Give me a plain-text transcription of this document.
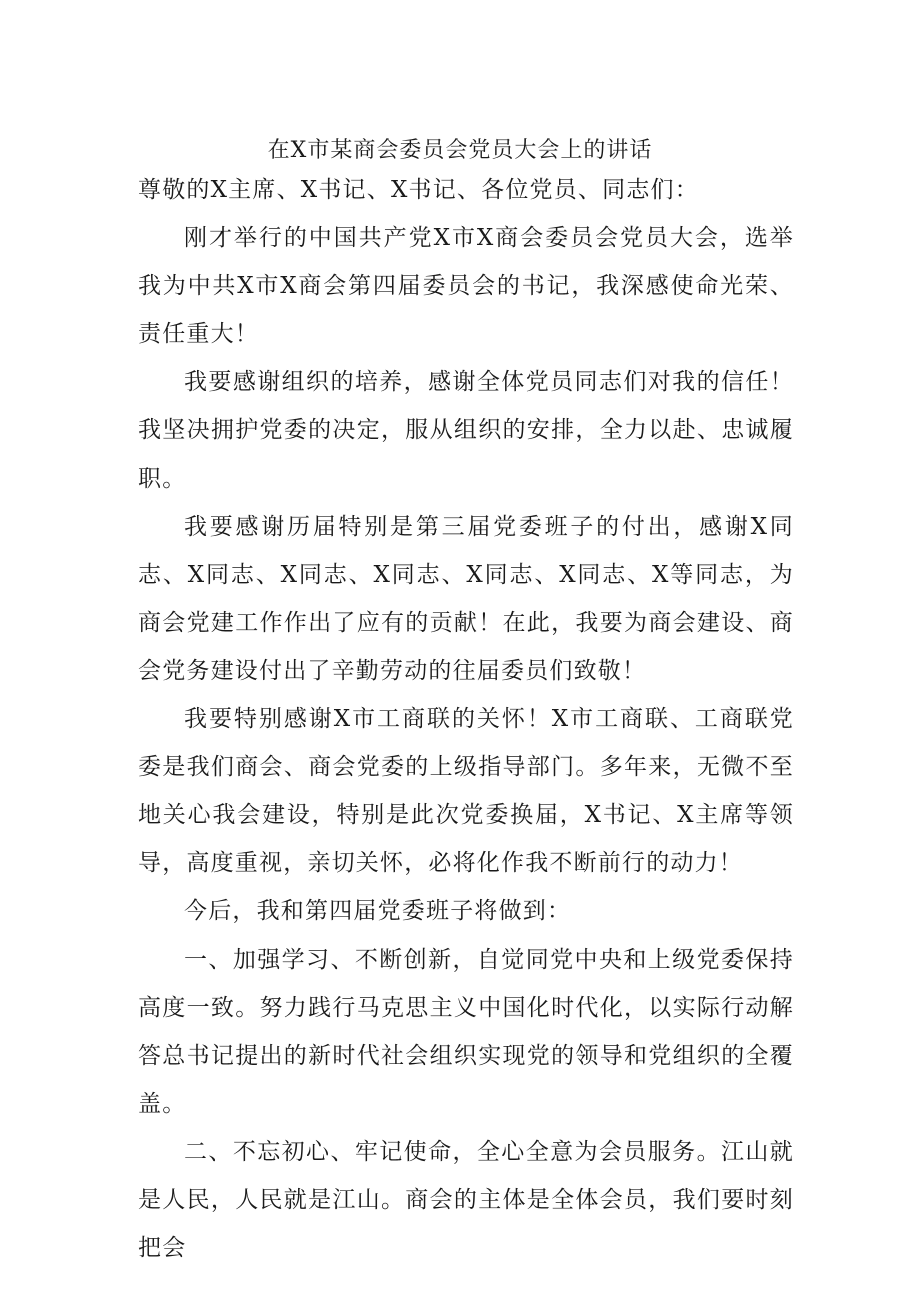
在X市某商会委员会党员大会上的讲话

尊敬的X主席、X书记、X书记、各位党员、同志们：

刚才举行的中国共产党X市X商会委员会党员大会，选举我为中共X市X商会第四届委员会的书记，我深感使命光荣、责任重大！

我要感谢组织的培养，感谢全体党员同志们对我的信任！我坚决拥护党委的决定，服从组织的安排，全力以赴、忠诚履职。

我要感谢历届特别是第三届党委班子的付出，感谢X同志、X同志、X同志、X同志、X同志、X同志、X等同志，为商会党建工作作出了应有的贡献！在此，我要为商会建设、商会党务建设付出了辛勤劳动的往届委员们致敬！

我要特别感谢X市工商联的关怀！X市工商联、工商联党委是我们商会、商会党委的上级指导部门。多年来，无微不至地关心我会建设，特别是此次党委换届，X书记、X主席等领导，高度重视，亲切关怀，必将化作我不断前行的动力！

今后，我和第四届党委班子将做到：

一、加强学习、不断创新，自觉同党中央和上级党委保持高度一致。努力践行马克思主义中国化时代化，以实际行动解答总书记提出的新时代社会组织实现党的领导和党组织的全覆盖。

二、不忘初心、牢记使命，全心全意为会员服务。江山就是人民，人民就是江山。商会的主体是全体会员，我们要时刻把会
